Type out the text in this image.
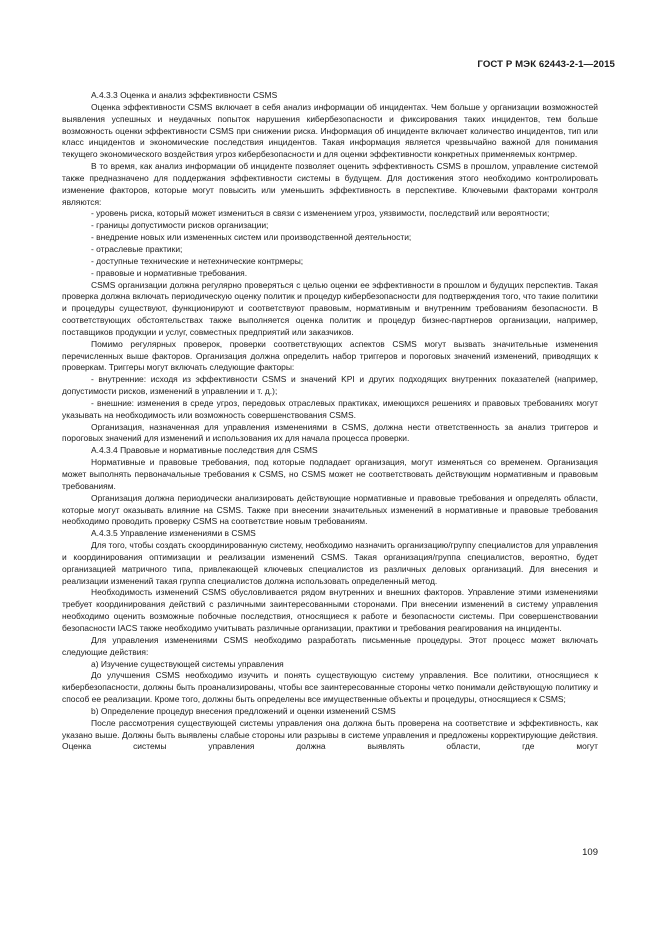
ГОСТ Р МЭК 62443-2-1—2015

А.4.3.3 Оценка и анализ эффективности CSMS

Оценка эффективности CSMS включает в себя анализ информации об инцидентах. Чем больше у организации возможностей выявления успешных и неудачных попыток нарушения кибербезопасности и фиксирования таких инцидентов, тем больше возможность оценки эффективности CSMS при снижении риска. Информация об инциденте включает количество инцидентов, тип или класс инцидентов и экономические последствия инцидентов. Такая информация является чрезвычайно важной для понимания текущего экономического воздействия угроз кибербезопасности и для оценки эффективности конкретных применяемых контрмер.

В то время, как анализ информации об инциденте позволяет оценить эффективность CSMS в прошлом, управление системой также предназначено для поддержания эффективности системы в будущем. Для достижения этого необходимо контролировать изменение факторов, которые могут повысить или уменьшить эффективность в перспективе. Ключевыми факторами контроля являются:

- уровень риска, который может измениться в связи с изменением угроз, уязвимости, последствий или вероятности;

- границы допустимости рисков организации;

- внедрение новых или измененных систем или производственной деятельности;

- отраслевые практики;

- доступные технические и нетехнические контрмеры;

- правовые и нормативные требования.

CSMS организации должна регулярно проверяться с целью оценки ее эффективности в прошлом и будущих перспектив. Такая проверка должна включать периодическую оценку политик и процедур кибербезопасности для подтверждения того, что такие политики и процедуры существуют, функционируют и соответствуют правовым, нормативным и внутренним требованиям безопасности. В соответствующих обстоятельствах также выполняется оценка политик и процедур бизнес-партнеров организации, например, поставщиков продукции и услуг, совместных предприятий или заказчиков.

Помимо регулярных проверок, проверки соответствующих аспектов CSMS могут вызвать значительные изменения перечисленных выше факторов. Организация должна определить набор триггеров и пороговых значений изменений, приводящих к проверкам. Триггеры могут включать следующие факторы:

- внутренние: исходя из эффективности CSMS и значений KPI и других подходящих внутренних показателей (например, допустимости рисков, изменений в управлении и т. д.);

- внешние: изменения в среде угроз, передовых отраслевых практиках, имеющихся решениях и правовых требованиях могут указывать на необходимость или возможность совершенствования CSMS.

Организация, назначенная для управления изменениями в CSMS, должна нести ответственность за анализ триггеров и пороговых значений для изменений и использования их для начала процесса проверки.

А.4.3.4 Правовые и нормативные последствия для CSMS

Нормативные и правовые требования, под которые подпадает организация, могут изменяться со временем. Организация может выполнять первоначальные требования к CSMS, но CSMS может не соответствовать действующим нормативным и правовым требованиям.

Организация должна периодически анализировать действующие нормативные и правовые требования и определять области, которые могут оказывать влияние на CSMS. Также при внесении значительных изменений в нормативные и правовые требования необходимо проводить проверку CSMS на соответствие новым требованиям.

А.4.3.5 Управление изменениями в CSMS

Для того, чтобы создать скоординированную систему, необходимо назначить организацию/группу специалистов для управления и координирования оптимизации и реализации изменений CSMS. Такая организация/группа специалистов, вероятно, будет организацией матричного типа, привлекающей ключевых специалистов из различных деловых организаций. Для внесения и реализации изменений такая группа специалистов должна использовать определенный метод.

Необходимость изменений CSMS обусловливается рядом внутренних и внешних факторов. Управление этими изменениями требует координирования действий с различными заинтересованными сторонами. При внесении изменений в систему управления необходимо оценить возможные побочные последствия, относящиеся к работе и безопасности системы. При совершенствовании безопасности IACS также необходимо учитывать различные организации, практики и требования реагирования на инциденты.

Для управления изменениями CSMS необходимо разработать письменные процедуры. Этот процесс может включать следующие действия:

а) Изучение существующей системы управления

До улучшения CSMS необходимо изучить и понять существующую систему управления. Все политики, относящиеся к кибербезопасности, должны быть проанализированы, чтобы все заинтересованные стороны четко понимали действующую политику и способ ее реализации. Кроме того, должны быть определены все имущественные объекты и процедуры, относящиеся к CSMS;

b) Определение процедур внесения предложений и оценки изменений CSMS

После рассмотрения существующей системы управления она должна быть проверена на соответствие и эффективность, как указано выше. Должны быть выявлены слабые стороны или разрывы в системе управления и предложены корректирующие действия. Оценка системы управления должна выявлять области, где могут

109
